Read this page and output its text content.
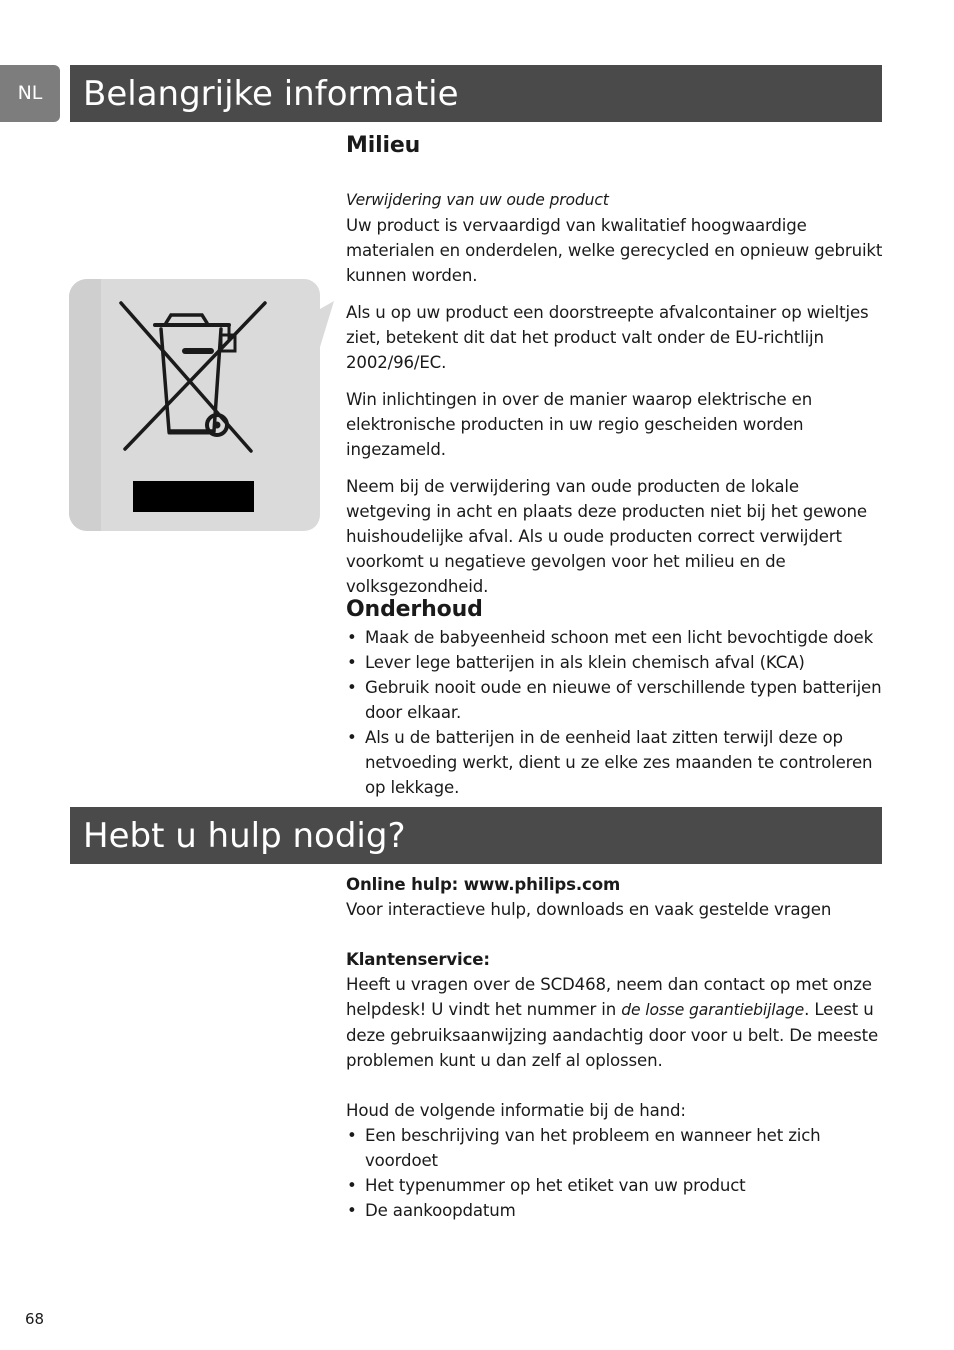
NL	Belangrijke informatie
Milieu

Verwijdering van uw oude product

Uw product is vervaardigd van kwalitatief hoogwaardige materialen en onderdelen, welke gerecycled en opnieuw gebruikt kunnen worden.

Als u op uw product een doorstreepte afvalcontainer op wieltjes ziet, betekent dit dat het product valt onder de EU-richtlijn 2002/96/EC.

Win inlichtingen in over de manier waarop elektrische en elektronische producten in uw regio gescheiden worden ingezameld.

Neem bij de verwijdering van oude producten de lokale wetgeving in acht en plaats deze producten niet bij het gewone huishoudelijke afval. Als u oude producten correct verwijdert voorkomt u negatieve gevolgen voor het milieu en de volksgezondheid.

Onderhoud
• Maak de babyeenheid schoon met een licht bevochtigde doek
• Lever lege batterijen in als klein chemisch afval (KCA)
• Gebruik nooit oude en nieuwe of verschillende typen batterijen door elkaar.
• Als u de batterijen in de eenheid laat zitten terwijl deze op netvoeding werkt, dient u ze elke zes maanden te controleren op lekkage.
Hebt u hulp nodig?

Online hulp: www.philips.com

Voor interactieve hulp, downloads en vaak gestelde vragen

Klantenservice:

Heeft u vragen over de SCD468, neem dan contact op met onze helpdesk! U vindt het nummer in de losse garantiebijlage. Leest u deze gebruiksaanwijzing aandachtig door voor u belt. De meeste problemen kunt u dan zelf al oplossen.

Houd de volgende informatie bij de hand:

• Een beschrijving van het probleem en wanneer het zich voordoet
• Het typenummer op het etiket van uw product
• De aankoopdatum
68
